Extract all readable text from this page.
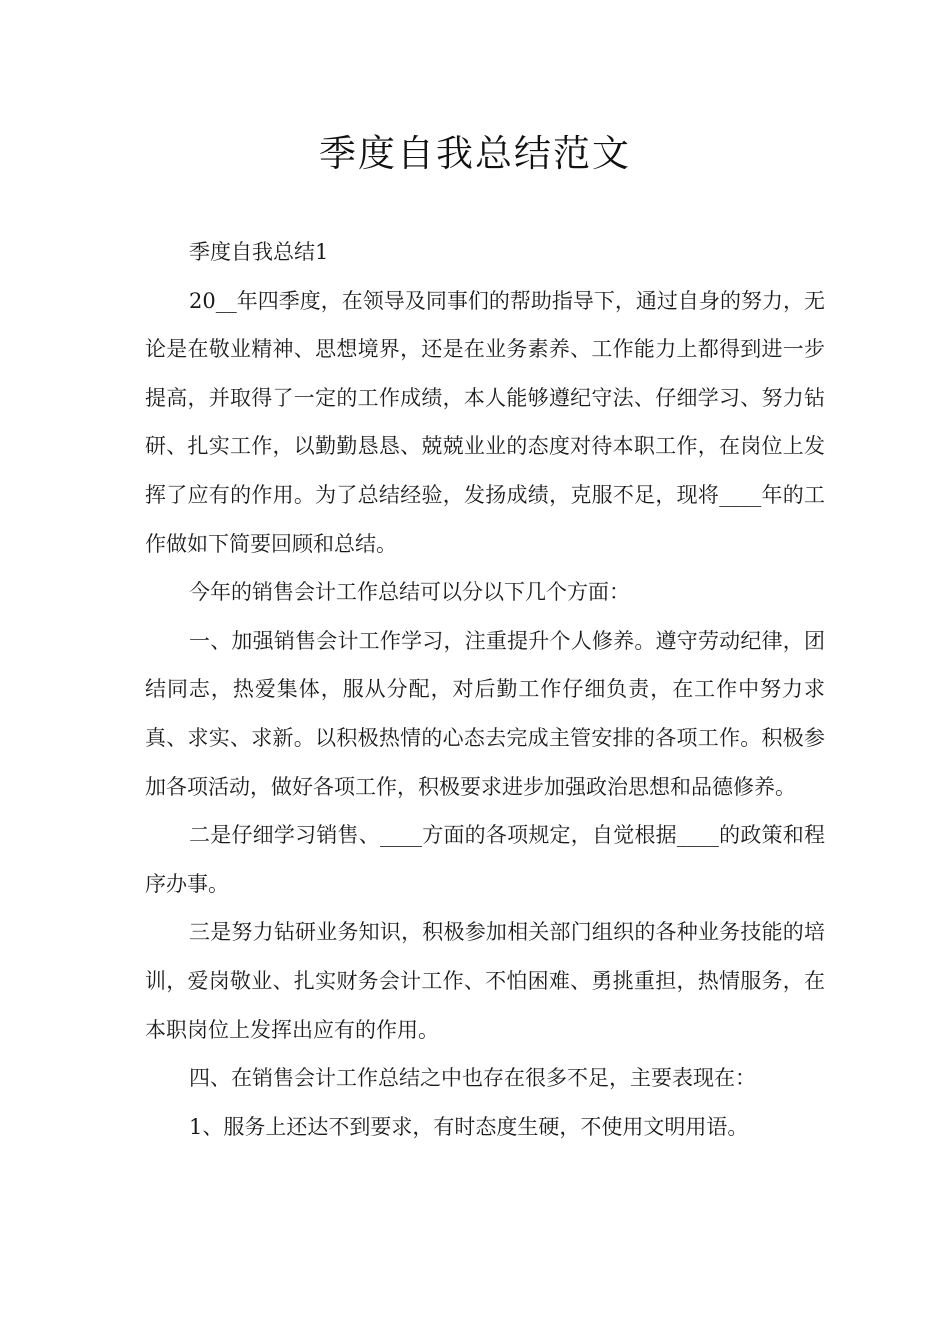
季度自我总结范文

季度自我总结1

20__年四季度，在领导及同事们的帮助指导下，通过自身的努力，无论是在敬业精神、思想境界，还是在业务素养、工作能力上都得到进一步提高，并取得了一定的工作成绩，本人能够遵纪守法、仔细学习、努力钻研、扎实工作，以勤勤恳恳、兢兢业业的态度对待本职工作，在岗位上发挥了应有的作用。为了总结经验，发扬成绩，克服不足，现将____年的工作做如下简要回顾和总结。

今年的销售会计工作总结可以分以下几个方面：

一、加强销售会计工作学习，注重提升个人修养。遵守劳动纪律，团结同志，热爱集体，服从分配，对后勤工作仔细负责，在工作中努力求真、求实、求新。以积极热情的心态去完成主管安排的各项工作。积极参加各项活动，做好各项工作，积极要求进步加强政治思想和品德修养。

二是仔细学习销售、____方面的各项规定，自觉根据____的政策和程序办事。

三是努力钻研业务知识，积极参加相关部门组织的各种业务技能的培训，爱岗敬业、扎实财务会计工作、不怕困难、勇挑重担，热情服务，在本职岗位上发挥出应有的作用。

四、在销售会计工作总结之中也存在很多不足，主要表现在：

1、服务上还达不到要求，有时态度生硬，不使用文明用语。
